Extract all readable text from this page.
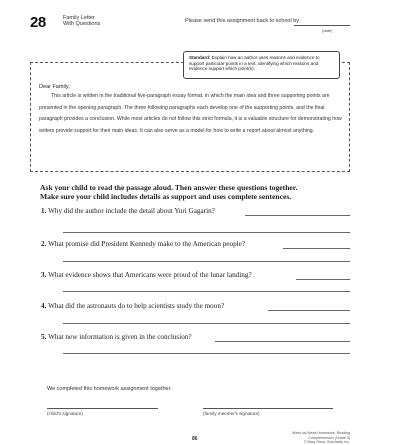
28	Family Letter
With Questions	Please send this assignment back to school by
(date)
Standard: Explain how an author uses reasons and evidence to support particular points in a text, identifying which reasons and evidence support which point(s).
Dear Family,
This article is written in the traditional five-paragraph essay format, in which the main idea and three supporting points are presented in the opening paragraph. The three following paragraphs each develop one of the supporting points, and the final paragraph provides a conclusion. While most articles do not follow this strict formula, it is a valuable structure for demonstrating how writers provide support for their main ideas. It can also serve as a model for how to write a report about almost anything.
Ask your child to read the passage aloud. Then answer these questions together.
Make sure your child includes details as support and uses complete sentences.
1. Why did the author include the detail about Yuri Gagarin?
2. What promise did President Kennedy make to the American people?
3. What evidence shows that Americans were proud of the lunar landing?
4. What did the astronauts do to help scientists study the moon?
5. What new information is given in the conclusion?
We completed this homework assignment together.
(child's signature)	(family member's signature)
86
Week-by-Week Homework: Reading Comprehension (Grade 3)
© Mary Rosa, Scholastic Inc.
